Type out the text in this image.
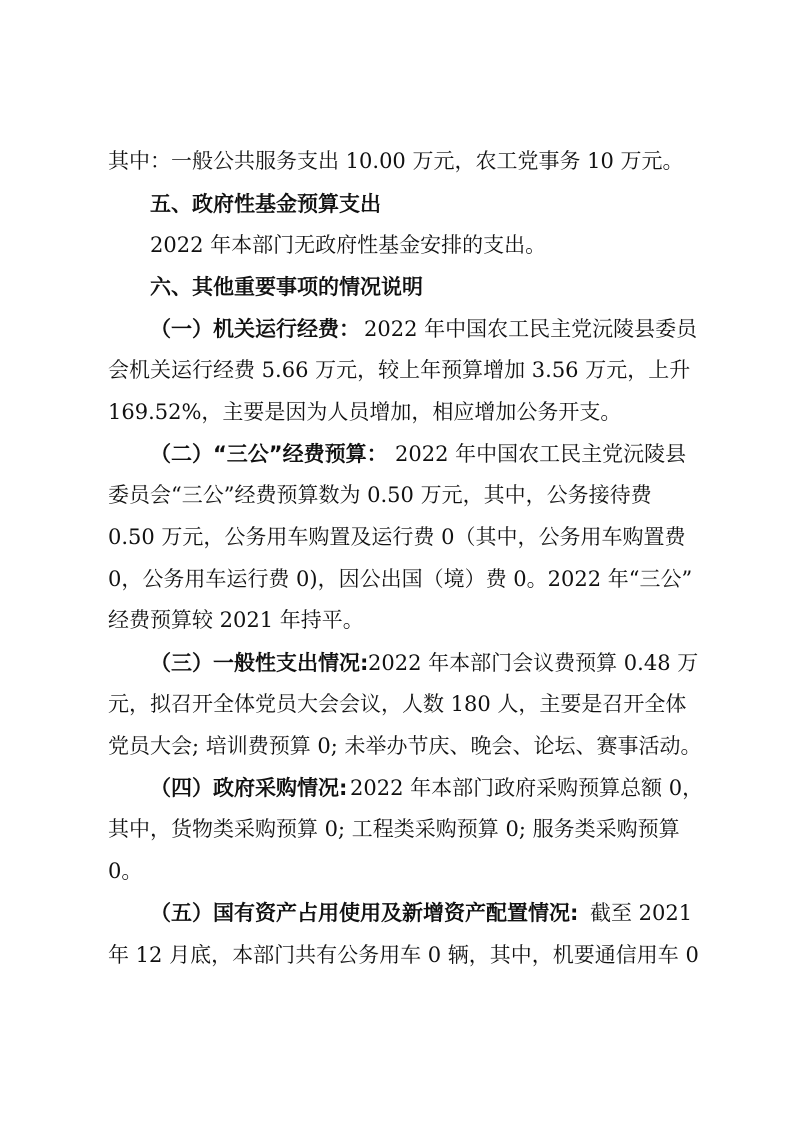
其中：一般公共服务支出 10.00 万元，农工党事务 10 万元。
五、政府性基金预算支出
2022 年本部门无政府性基金安排的支出。
六、其他重要事项的情况说明
（一）机关运行经费： 2022 年中国农工民主党沅陵县委员
会机关运行经费 5.66 万元，较上年预算增加 3.56 万元，上升
169.52%，主要是因为人员增加，相应增加公务开支。
（二）“三公”经费预算： 2022 年中国农工民主党沅陵县
委员会“三公”经费预算数为 0.50 万元，其中，公务接待费
0.50 万元，公务用车购置及运行费 0（其中，公务用车购置费
0，公务用车运行费 0)，因公出国（境）费 0。2022 年“三公”
经费预算较 2021 年持平。
（三）一般性支出情况: 2022 年本部门会议费预算 0.48 万
元，拟召开全体党员大会会议，人数 180 人，主要是召开全体
党员大会; 培训费预算 0; 未举办节庆、晚会、论坛、赛事活动。
（四）政府采购情况: 2022 年本部门政府采购预算总额 0，
其中，货物类采购预算 0; 工程类采购预算 0; 服务类采购预算
0。
（五）国有资产占用使用及新增资产配置情况: 截至 2021
年 12 月底，本部门共有公务用车 0 辆，其中，机要通信用车 0
